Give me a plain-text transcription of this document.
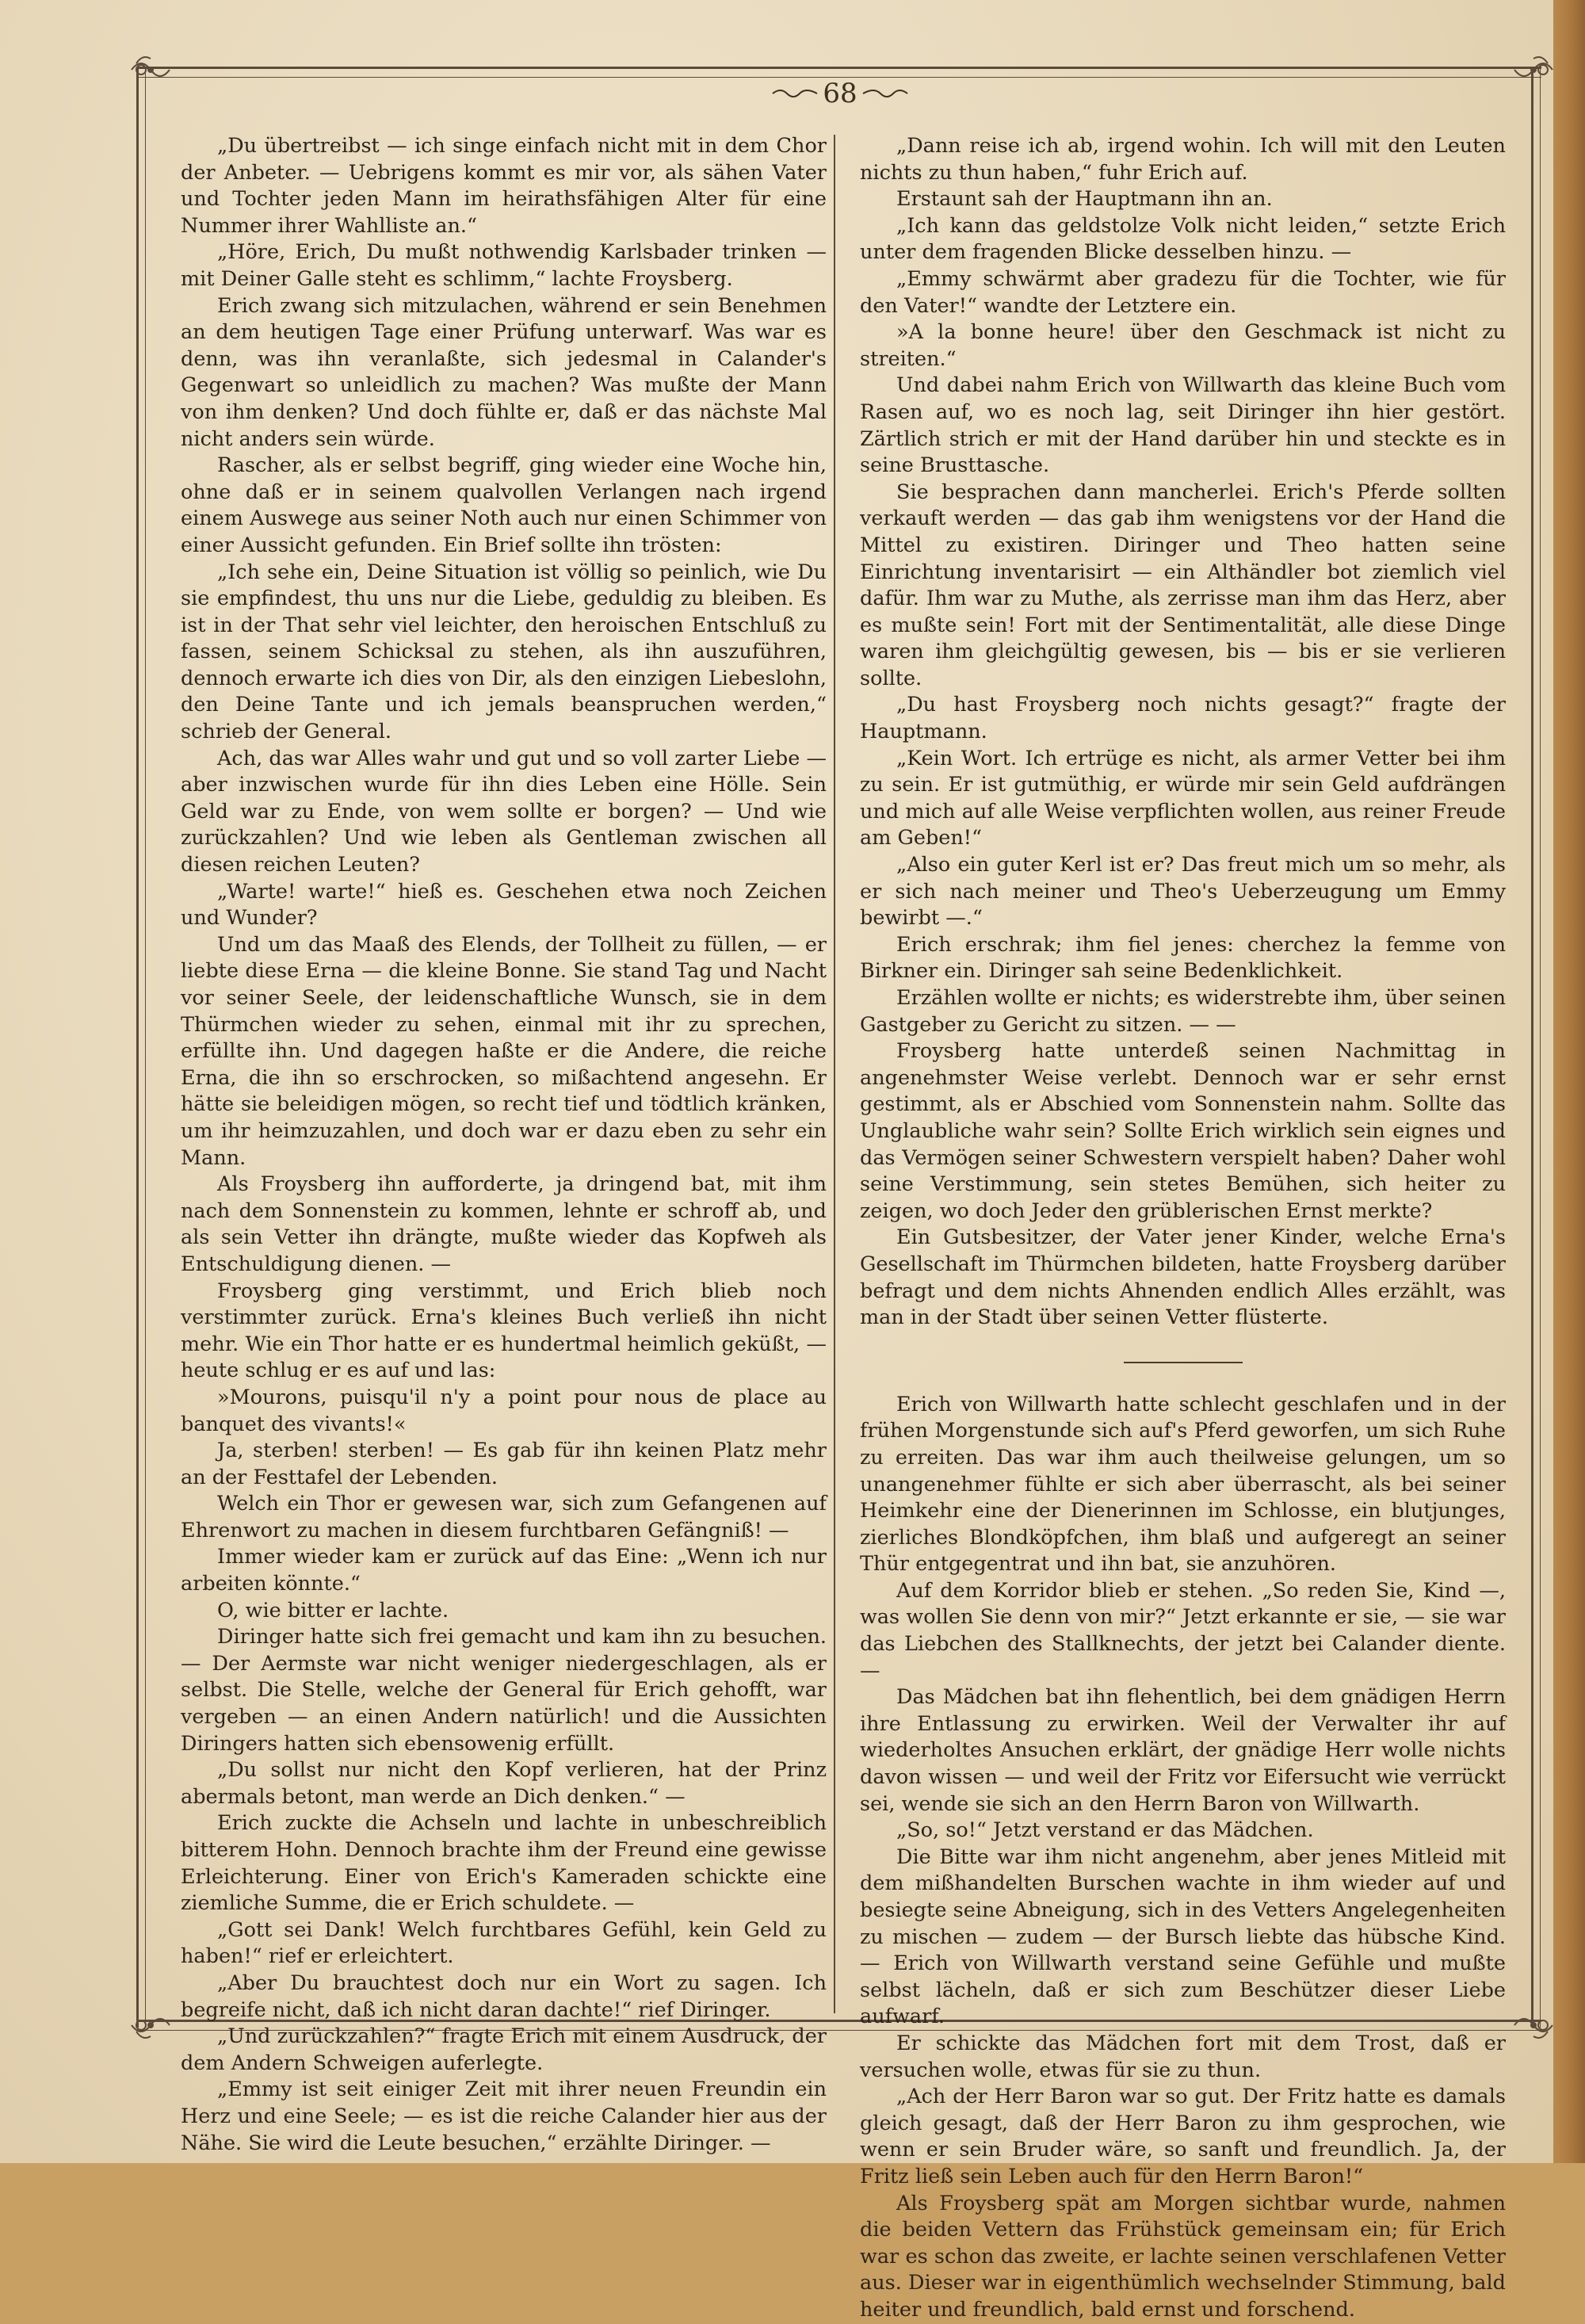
68

„Du übertreibst — ich singe einfach nicht mit in dem Chor der Anbeter. — Uebrigens kommt es mir vor, als sähen Vater und Tochter jeden Mann im heirathsfähigen Alter für eine Nummer ihrer Wahlliste an.“

„Höre, Erich, Du mußt nothwendig Karlsbader trinken — mit Deiner Galle steht es schlimm,“ lachte Froysberg.

Erich zwang sich mitzulachen, während er sein Benehmen an dem heutigen Tage einer Prüfung unterwarf. Was war es denn, was ihn veranlaßte, sich jedesmal in Calander's Gegenwart so unleidlich zu machen? Was mußte der Mann von ihm denken? Und doch fühlte er, daß er das nächste Mal nicht anders sein würde.

Rascher, als er selbst begriff, ging wieder eine Woche hin, ohne daß er in seinem qualvollen Verlangen nach irgend einem Auswege aus seiner Noth auch nur einen Schimmer von einer Aussicht gefunden. Ein Brief sollte ihn trösten:

„Ich sehe ein, Deine Situation ist völlig so peinlich, wie Du sie empfindest, thu uns nur die Liebe, geduldig zu bleiben. Es ist in der That sehr viel leichter, den heroischen Entschluß zu fassen, seinem Schicksal zu stehen, als ihn auszuführen, dennoch erwarte ich dies von Dir, als den einzigen Liebeslohn, den Deine Tante und ich jemals beanspruchen werden,“ schrieb der General.

Ach, das war Alles wahr und gut und so voll zarter Liebe — aber inzwischen wurde für ihn dies Leben eine Hölle. Sein Geld war zu Ende, von wem sollte er borgen? — Und wie zurückzahlen? Und wie leben als Gentleman zwischen all diesen reichen Leuten?

„Warte! warte!“ hieß es. Geschehen etwa noch Zeichen und Wunder?

Und um das Maaß des Elends, der Tollheit zu füllen, — er liebte diese Erna — die kleine Bonne. Sie stand Tag und Nacht vor seiner Seele, der leidenschaftliche Wunsch, sie in dem Thürmchen wieder zu sehen, einmal mit ihr zu sprechen, erfüllte ihn. Und dagegen haßte er die Andere, die reiche Erna, die ihn so erschrocken, so mißachtend angesehn. Er hätte sie beleidigen mögen, so recht tief und tödtlich kränken, um ihr heimzuzahlen, und doch war er dazu eben zu sehr ein Mann.

Als Froysberg ihn aufforderte, ja dringend bat, mit ihm nach dem Sonnenstein zu kommen, lehnte er schroff ab, und als sein Vetter ihn drängte, mußte wieder das Kopfweh als Entschuldigung dienen. —

Froysberg ging verstimmt, und Erich blieb noch verstimmter zurück. Erna's kleines Buch verließ ihn nicht mehr. Wie ein Thor hatte er es hundertmal heimlich geküßt, — heute schlug er es auf und las:

»Mourons, puisqu'il n'y a point pour nous de place au banquet des vivants!«

Ja, sterben! sterben! — Es gab für ihn keinen Platz mehr an der Festtafel der Lebenden.

Welch ein Thor er gewesen war, sich zum Gefangenen auf Ehrenwort zu machen in diesem furchtbaren Gefängniß! —

Immer wieder kam er zurück auf das Eine: „Wenn ich nur arbeiten könnte.“

O, wie bitter er lachte.

Diringer hatte sich frei gemacht und kam ihn zu besuchen. — Der Aermste war nicht weniger niedergeschlagen, als er selbst. Die Stelle, welche der General für Erich gehofft, war vergeben — an einen Andern natürlich! und die Aussichten Diringers hatten sich ebensowenig erfüllt.

„Du sollst nur nicht den Kopf verlieren, hat der Prinz abermals betont, man werde an Dich denken.“ —

Erich zuckte die Achseln und lachte in unbeschreiblich bitterem Hohn. Dennoch brachte ihm der Freund eine gewisse Erleichterung. Einer von Erich's Kameraden schickte eine ziemliche Summe, die er Erich schuldete. —

„Gott sei Dank! Welch furchtbares Gefühl, kein Geld zu haben!“ rief er erleichtert.

„Aber Du brauchtest doch nur ein Wort zu sagen. Ich begreife nicht, daß ich nicht daran dachte!“ rief Diringer.

„Und zurückzahlen?“ fragte Erich mit einem Ausdruck, der dem Andern Schweigen auferlegte.

„Emmy ist seit einiger Zeit mit ihrer neuen Freundin ein Herz und eine Seele; — es ist die reiche Calander hier aus der Nähe. Sie wird die Leute besuchen,“ erzählte Diringer. —

„Dann reise ich ab, irgend wohin. Ich will mit den Leuten nichts zu thun haben,“ fuhr Erich auf.

Erstaunt sah der Hauptmann ihn an.

„Ich kann das geldstolze Volk nicht leiden,“ setzte Erich unter dem fragenden Blicke desselben hinzu. —

„Emmy schwärmt aber gradezu für die Tochter, wie für den Vater!“ wandte der Letztere ein.

»A la bonne heure! über den Geschmack ist nicht zu streiten.“

Und dabei nahm Erich von Willwarth das kleine Buch vom Rasen auf, wo es noch lag, seit Diringer ihn hier gestört. Zärtlich strich er mit der Hand darüber hin und steckte es in seine Brusttasche.

Sie besprachen dann mancherlei. Erich's Pferde sollten verkauft werden — das gab ihm wenigstens vor der Hand die Mittel zu existiren. Diringer und Theo hatten seine Einrichtung inventarisirt — ein Althändler bot ziemlich viel dafür. Ihm war zu Muthe, als zerrisse man ihm das Herz, aber es mußte sein! Fort mit der Sentimentalität, alle diese Dinge waren ihm gleichgültig gewesen, bis — bis er sie verlieren sollte.

„Du hast Froysberg noch nichts gesagt?“ fragte der Hauptmann.

„Kein Wort. Ich ertrüge es nicht, als armer Vetter bei ihm zu sein. Er ist gutmüthig, er würde mir sein Geld aufdrängen und mich auf alle Weise verpflichten wollen, aus reiner Freude am Geben!“

„Also ein guter Kerl ist er? Das freut mich um so mehr, als er sich nach meiner und Theo's Ueberzeugung um Emmy bewirbt —.“

Erich erschrak; ihm fiel jenes: cherchez la femme von Birkner ein. Diringer sah seine Bedenklichkeit.

Erzählen wollte er nichts; es widerstrebte ihm, über seinen Gastgeber zu Gericht zu sitzen. — —

Froysberg hatte unterdeß seinen Nachmittag in angenehmster Weise verlebt. Dennoch war er sehr ernst gestimmt, als er Abschied vom Sonnenstein nahm. Sollte das Unglaubliche wahr sein? Sollte Erich wirklich sein eignes und das Vermögen seiner Schwestern verspielt haben? Daher wohl seine Verstimmung, sein stetes Bemühen, sich heiter zu zeigen, wo doch Jeder den grüblerischen Ernst merkte?

Ein Gutsbesitzer, der Vater jener Kinder, welche Erna's Gesellschaft im Thürmchen bildeten, hatte Froysberg darüber befragt und dem nichts Ahnenden endlich Alles erzählt, was man in der Stadt über seinen Vetter flüsterte.

Erich von Willwarth hatte schlecht geschlafen und in der frühen Morgenstunde sich auf's Pferd geworfen, um sich Ruhe zu erreiten. Das war ihm auch theilweise gelungen, um so unangenehmer fühlte er sich aber überrascht, als bei seiner Heimkehr eine der Dienerinnen im Schlosse, ein blutjunges, zierliches Blondköpfchen, ihm blaß und aufgeregt an seiner Thür entgegentrat und ihn bat, sie anzuhören.

Auf dem Korridor blieb er stehen. „So reden Sie, Kind —, was wollen Sie denn von mir?“ Jetzt erkannte er sie, — sie war das Liebchen des Stallknechts, der jetzt bei Calander diente. —

Das Mädchen bat ihn flehentlich, bei dem gnädigen Herrn ihre Entlassung zu erwirken. Weil der Verwalter ihr auf wiederholtes Ansuchen erklärt, der gnädige Herr wolle nichts davon wissen — und weil der Fritz vor Eifersucht wie verrückt sei, wende sie sich an den Herrn Baron von Willwarth.

„So, so!“ Jetzt verstand er das Mädchen.

Die Bitte war ihm nicht angenehm, aber jenes Mitleid mit dem mißhandelten Burschen wachte in ihm wieder auf und besiegte seine Abneigung, sich in des Vetters Angelegenheiten zu mischen — zudem — der Bursch liebte das hübsche Kind. — Erich von Willwarth verstand seine Gefühle und mußte selbst lächeln, daß er sich zum Beschützer dieser Liebe aufwarf.

Er schickte das Mädchen fort mit dem Trost, daß er versuchen wolle, etwas für sie zu thun.

„Ach der Herr Baron war so gut. Der Fritz hatte es damals gleich gesagt, daß der Herr Baron zu ihm gesprochen, wie wenn er sein Bruder wäre, so sanft und freundlich. Ja, der Fritz ließ sein Leben auch für den Herrn Baron!“

Als Froysberg spät am Morgen sichtbar wurde, nahmen die beiden Vettern das Frühstück gemeinsam ein; für Erich war es schon das zweite, er lachte seinen verschlafenen Vetter aus. Dieser war in eigenthümlich wechselnder Stimmung, bald heiter und freundlich, bald ernst und forschend.
